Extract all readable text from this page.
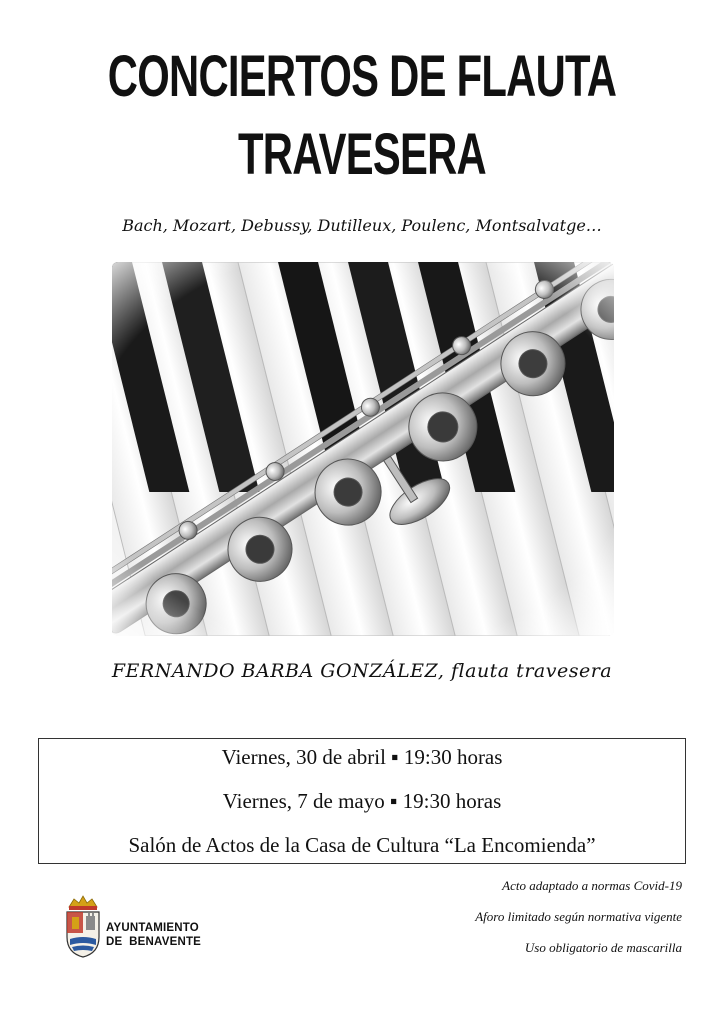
CONCIERTOS DE FLAUTA
TRAVESERA
Bach, Mozart, Debussy, Dutilleux, Poulenc, Montsalvatge…
FERNANDO BARBA GONZÁLEZ, flauta travesera
Viernes, 30 de abril ▪ 19:30 horas
Viernes, 7 de mayo ▪ 19:30 horas
Salón de Actos de la Casa de Cultura “La Encomienda”
AYUNTAMIENTO
DE  BENAVENTE
Acto adaptado a normas Covid-19
Aforo limitado según normativa vigente
Uso obligatorio de mascarilla
